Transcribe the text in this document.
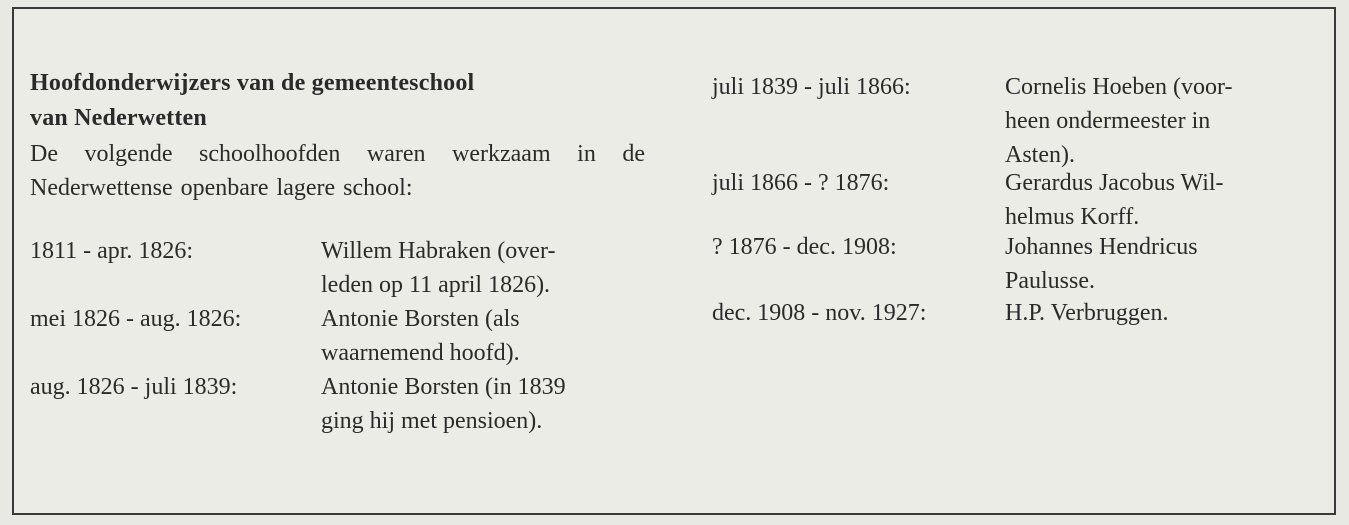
Hoofdonderwijzers van de gemeenteschool
van Nederwetten
De volgende schoolhoofden waren werkzaam in de Nederwettense openbare lagere school:
1811 - apr. 1826:	Willem Habraken (over-
leden op 11 april 1826).
mei 1826 - aug. 1826:	Antonie Borsten (als
waarnemend hoofd).
aug. 1826 - juli 1839:	Antonie Borsten (in 1839
ging hij met pensioen).
juli 1839 - juli 1866:	Cornelis Hoeben (voor-
heen ondermeester in
Asten).
juli 1866 - ? 1876:	Gerardus Jacobus Wil-
helmus Korff.
? 1876 - dec. 1908:	Johannes Hendricus
Paulusse.
dec. 1908 - nov. 1927:	H.P. Verbruggen.
